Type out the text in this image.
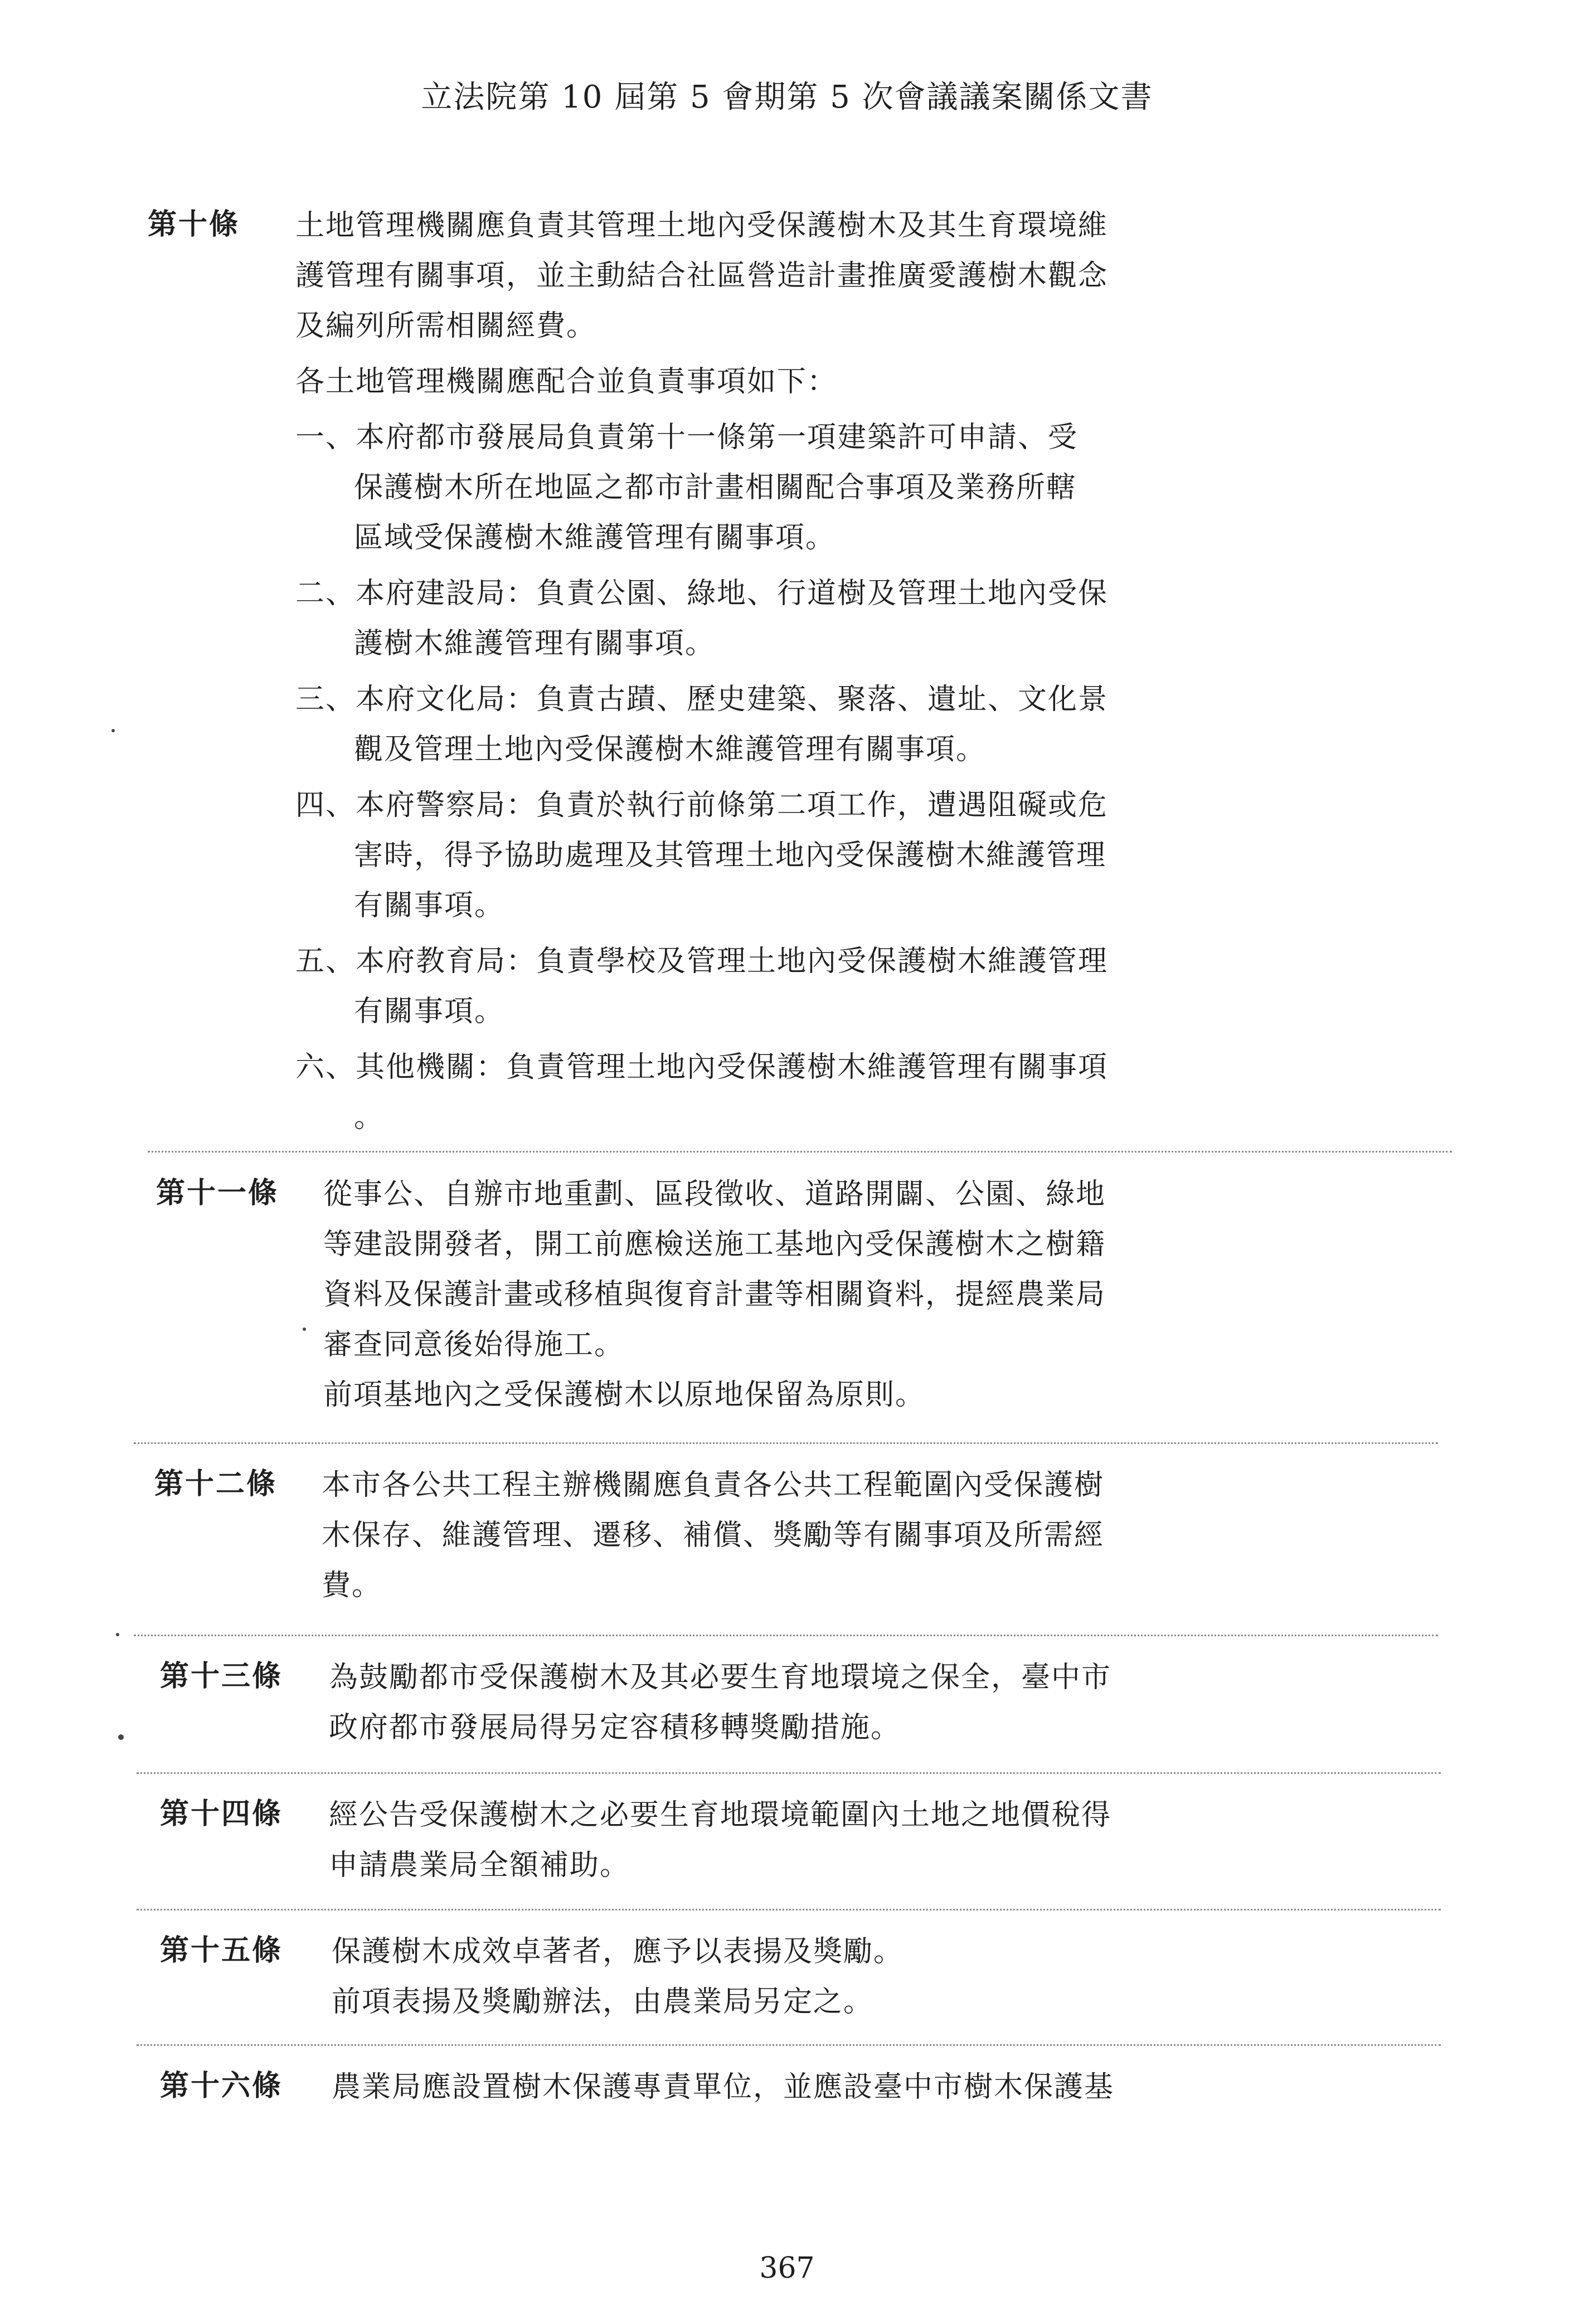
立法院第 10 屆第 5 會期第 5 次會議議案關係文書
第十條 土地管理機關應負責其管理土地內受保護樹木及其生育環境維
護管理有關事項，並主動結合社區營造計畫推廣愛護樹木觀念
及編列所需相關經費。
各土地管理機關應配合並負責事項如下：
一、本府都市發展局負責第十一條第一項建築許可申請、受
保護樹木所在地區之都市計畫相關配合事項及業務所轄
區域受保護樹木維護管理有關事項。
二、本府建設局：負責公園、綠地、行道樹及管理土地內受保
護樹木維護管理有關事項。
三、本府文化局：負責古蹟、歷史建築、聚落、遺址、文化景
觀及管理土地內受保護樹木維護管理有關事項。
四、本府警察局：負責於執行前條第二項工作，遭遇阻礙或危
害時，得予協助處理及其管理土地內受保護樹木維護管理
有關事項。
五、本府教育局：負責學校及管理土地內受保護樹木維護管理
有關事項。
六、其他機關：負責管理土地內受保護樹木維護管理有關事項
。
第十一條 從事公、自辦市地重劃、區段徵收、道路開闢、公園、綠地
等建設開發者，開工前應檢送施工基地內受保護樹木之樹籍
資料及保護計畫或移植與復育計畫等相關資料，提經農業局
審查同意後始得施工。
前項基地內之受保護樹木以原地保留為原則。
第十二條 本市各公共工程主辦機關應負責各公共工程範圍內受保護樹
木保存、維護管理、遷移、補償、獎勵等有關事項及所需經
費。
第十三條 為鼓勵都市受保護樹木及其必要生育地環境之保全，臺中市
政府都市發展局得另定容積移轉獎勵措施。
第十四條 經公告受保護樹木之必要生育地環境範圍內土地之地價稅得
申請農業局全額補助。
第十五條 保護樹木成效卓著者，應予以表揚及獎勵。
前項表揚及獎勵辦法，由農業局另定之。
第十六條 農業局應設置樹木保護專責單位，並應設臺中市樹木保護基
367
